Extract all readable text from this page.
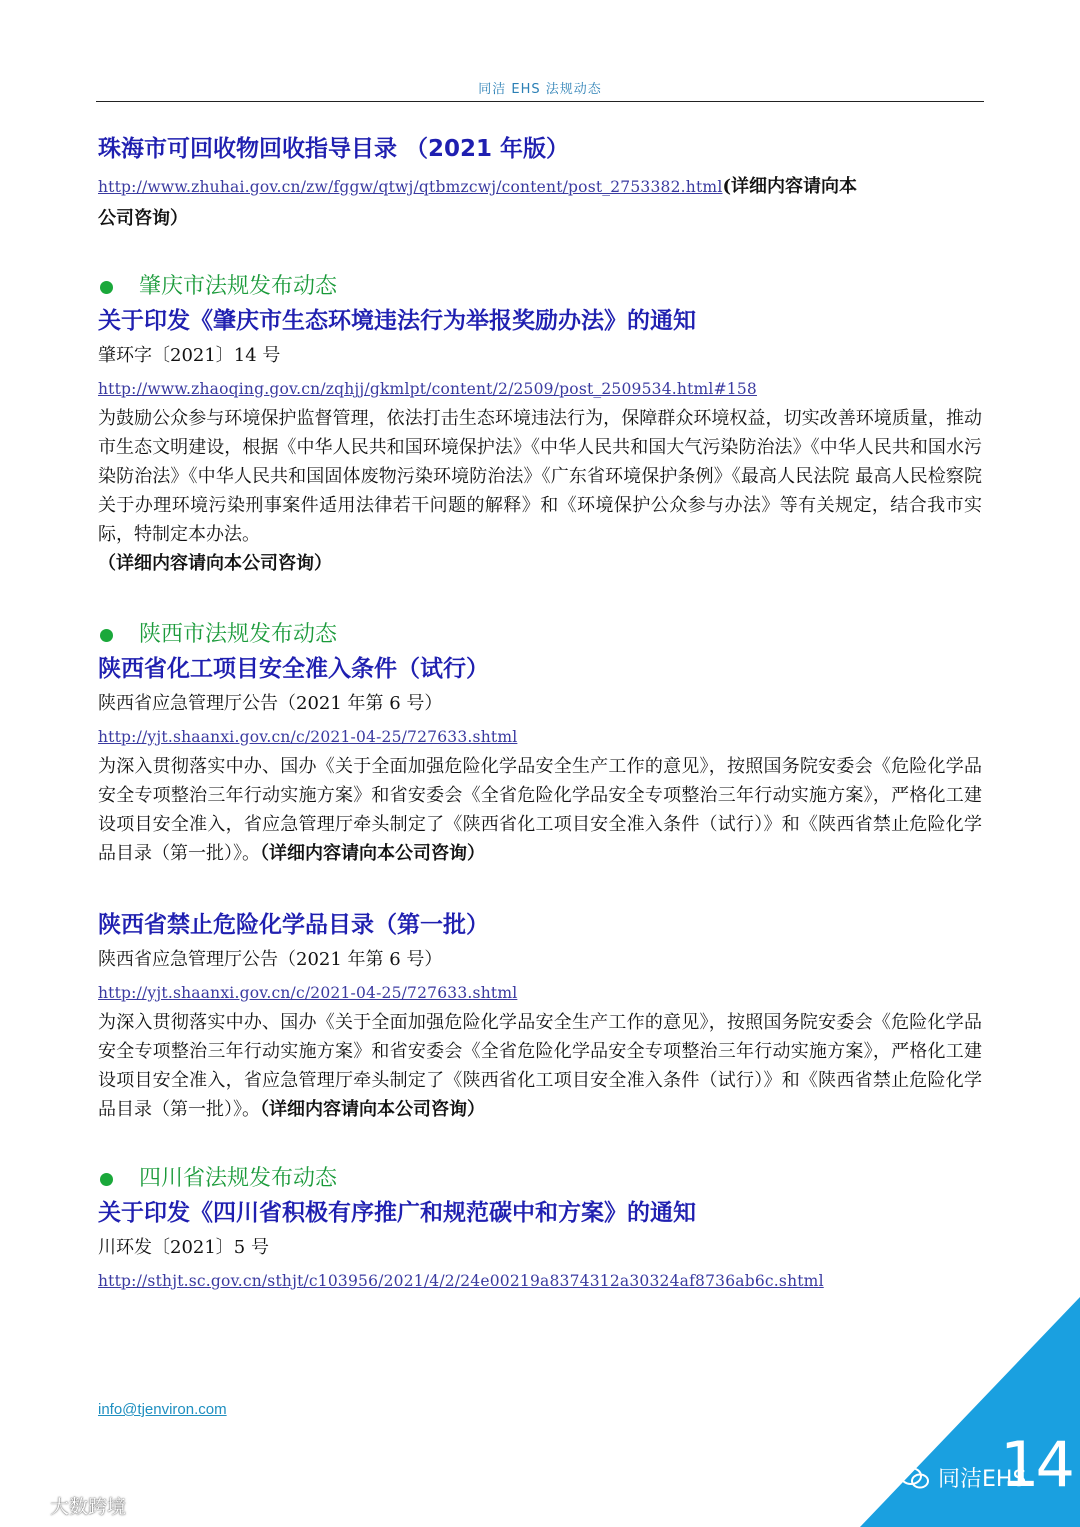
同洁 EHS 法规动态
珠海市可回收物回收指导目录 （2021 年版）
http://www.zhuhai.gov.cn/zw/fggw/qtwj/qtbmzcwj/content/post_2753382.html(详细内容请向本
公司咨询）
肇庆市法规发布动态
关于印发《肇庆市生态环境违法行为举报奖励办法》的通知
肇环字〔2021〕14 号
http://www.zhaoqing.gov.cn/zqhjj/gkmlpt/content/2/2509/post_2509534.html#158

为鼓励公众参与环境保护监督管理，依法打击生态环境违法行为，保障群众环境权益，切实改善环境质量，推动市生态文明建设，根据《中华人民共和国环境保护法》《中华人民共和国大气污染防治法》《中华人民共和国水污染防治法》《中华人民共和国固体废物污染环境防治法》《广东省环境保护条例》《最高人民法院 最高人民检察院关于办理环境污染刑事案件适用法律若干问题的解释》和《环境保护公众参与办法》等有关规定，结合我市实际，特制定本办法。

（详细内容请向本公司咨询）
陕西市法规发布动态
陕西省化工项目安全准入条件（试行）
陕西省应急管理厅公告（2021 年第 6 号）
http://yjt.shaanxi.gov.cn/c/2021-04-25/727633.shtml

为深入贯彻落实中办、国办《关于全面加强危险化学品安全生产工作的意见》，按照国务院安委会《危险化学品安全专项整治三年行动实施方案》和省安委会《全省危险化学品安全专项整治三年行动实施方案》，严格化工建设项目安全准入，省应急管理厅牵头制定了《陕西省化工项目安全准入条件（试行）》和《陕西省禁止危险化学品目录（第一批）》。（详细内容请向本公司咨询）

陕西省禁止危险化学品目录（第一批）
陕西省应急管理厅公告（2021 年第 6 号）
http://yjt.shaanxi.gov.cn/c/2021-04-25/727633.shtml

为深入贯彻落实中办、国办《关于全面加强危险化学品安全生产工作的意见》，按照国务院安委会《危险化学品安全专项整治三年行动实施方案》和省安委会《全省危险化学品安全专项整治三年行动实施方案》，严格化工建设项目安全准入，省应急管理厅牵头制定了《陕西省化工项目安全准入条件（试行）》和《陕西省禁止危险化学品目录（第一批）》。（详细内容请向本公司咨询）

四川省法规发布动态
关于印发《四川省积极有序推广和规范碳中和方案》的通知
川环发〔2021〕5 号
http://sthjt.sc.gov.cn/sthjt/c103956/2021/4/2/24e00219a8374312a30324af8736ab6c.shtml
info@tjenviron.com
14
同洁EHS
大数跨境
